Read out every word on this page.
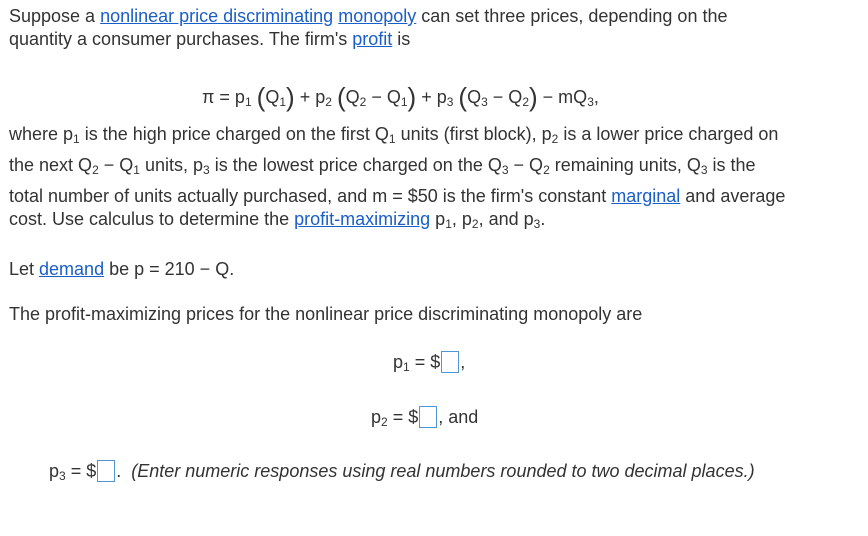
Suppose a nonlinear price discriminating monopoly can set three prices, depending on the
quantity a consumer purchases. The firm's profit is
$\pi = p_1$ $(Q_1) + p_2$ $(Q_2 - Q_1) + p_3$ $(Q_3 - Q_2) - mQ_3$,
where $p_1$ is the high price charged on the first $Q_1$ units (first block), $p_2$ is a lower price charged on
the next $Q_2 - Q_1$ units, $p_3$ is the lowest price charged on the $Q_3 - Q_2$ remaining units, $Q_3$ is the
total number of units actually purchased, and m = $50 is the firm's constant marginal and average
cost. Use calculus to determine the profit-maximizing $p_1$, $p_2$, and $p_3$.
Let demand be p = 210 − Q.
The profit-maximizing prices for the nonlinear price discriminating monopoly are
$p_1$ = $ ,
$p_2$ = $ , and
$p_3$ = $ . (Enter numeric responses using real numbers rounded to two decimal places.)
